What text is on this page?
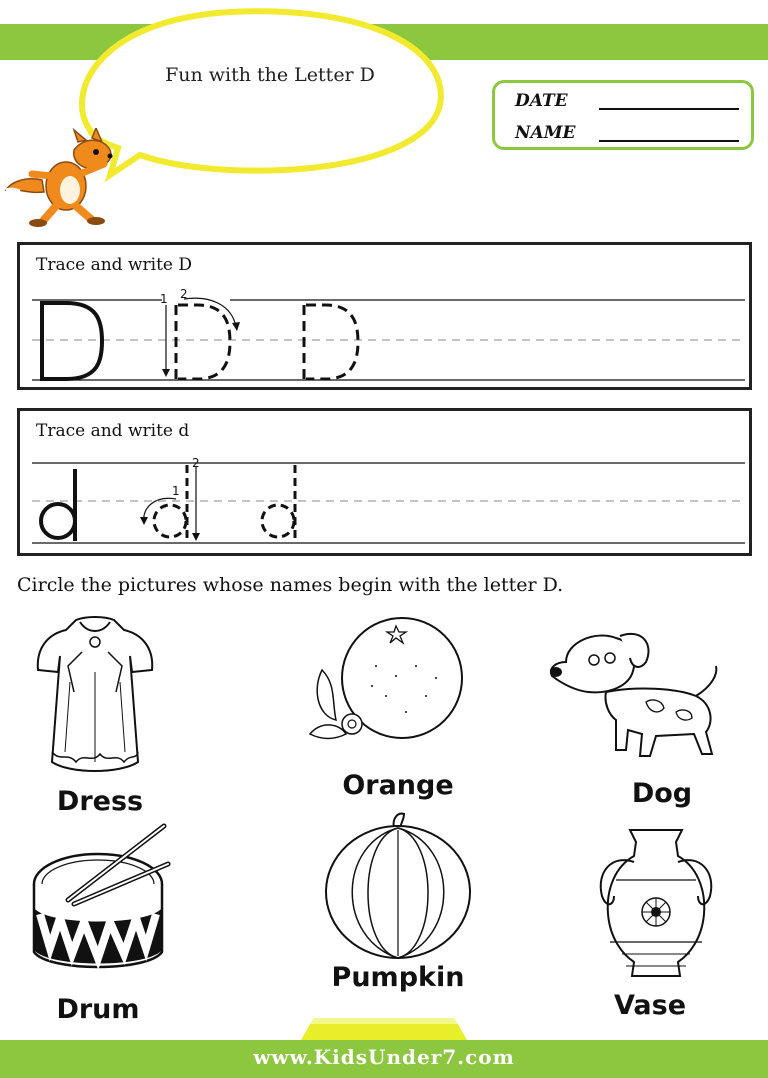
Fun with the Letter D
DATE
NAME
1 2
Trace and write D
1
2
Trace and write d
Circle the pictures whose names begin with the letter D.
Dress
Orange	Dog
Drum
Pumpkin
Vase
www.KidsUnder7.com
